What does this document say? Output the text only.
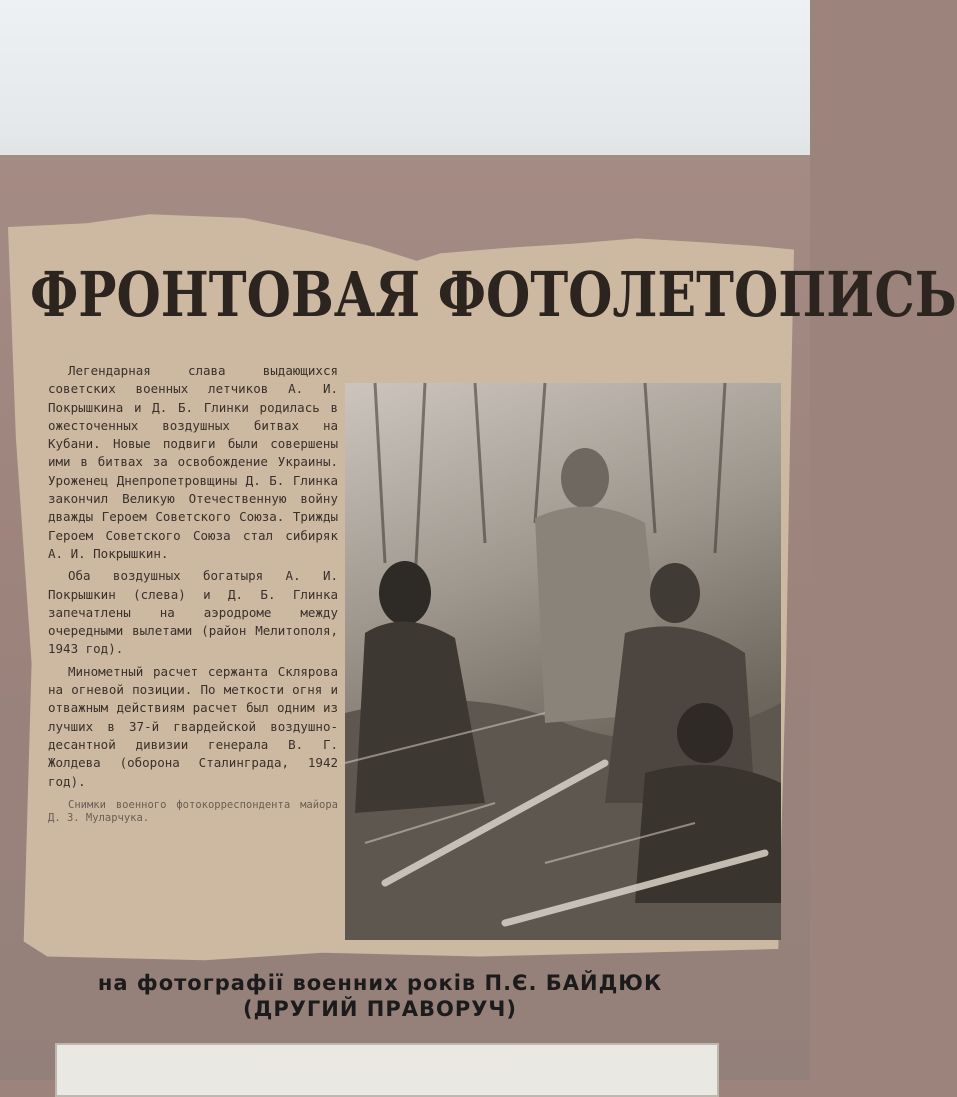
ФРОНТОВАЯ ФОТОЛЕТОПИСЬ

Легендарная слава выдающихся советских военных летчиков А. И. Покрышкина и Д. Б. Глинки родилась в ожесточенных воздушных битвах на Кубани. Новые подвиги были совершены ими в битвах за освобождение Украины. Уроженец Днепропетровщины Д. Б. Глинка закончил Великую Отечественную войну дважды Героем Советского Союза. Трижды Героем Советского Союза стал сибиряк А. И. Покрышкин.

Оба воздушных богатыря А. И. Покрышкин (слева) и Д. Б. Глинка запечатлены на аэродроме между очередными вылетами (район Мелитополя, 1943 год).

Минометный расчет сержанта Склярова на огневой позиции. По меткости огня и отважным действиям расчет был одним из лучших в 37-й гвардейской воздушно-десантной дивизии генерала В. Г. Жолдева (оборона Сталинграда, 1942 год).

Снимки военного фотокорреспондента майора Д. З. Муларчука.

на фотографії военних років П.Є. БАЙДЮК
(ДРУГИЙ ПРАВОРУЧ)
